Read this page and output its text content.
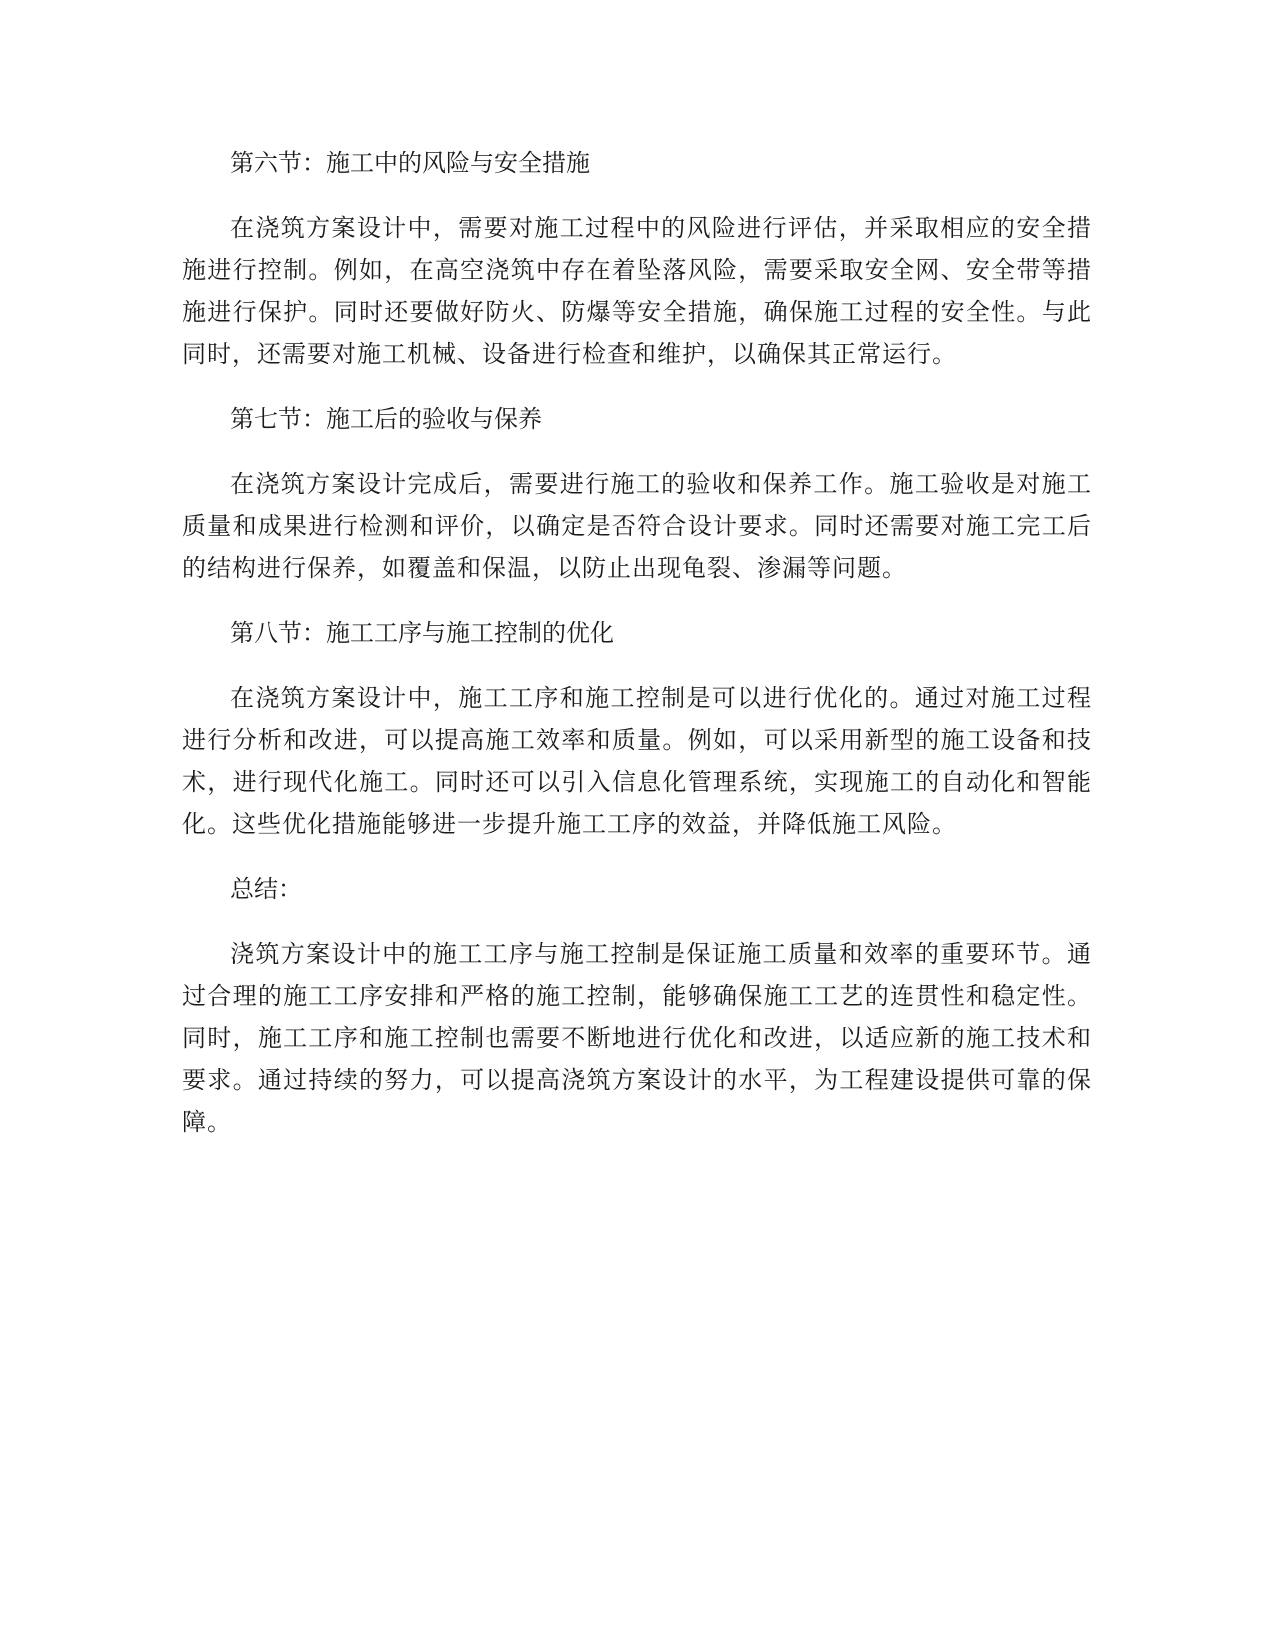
第六节：施工中的风险与安全措施

在浇筑方案设计中，需要对施工过程中的风险进行评估，并采取相应的安全措施进行控制。例如，在高空浇筑中存在着坠落风险，需要采取安全网、安全带等措施进行保护。同时还要做好防火、防爆等安全措施，确保施工过程的安全性。与此同时，还需要对施工机械、设备进行检查和维护，以确保其正常运行。

第七节：施工后的验收与保养

在浇筑方案设计完成后，需要进行施工的验收和保养工作。施工验收是对施工质量和成果进行检测和评价，以确定是否符合设计要求。同时还需要对施工完工后的结构进行保养，如覆盖和保温，以防止出现龟裂、渗漏等问题。

第八节：施工工序与施工控制的优化

在浇筑方案设计中，施工工序和施工控制是可以进行优化的。通过对施工过程进行分析和改进，可以提高施工效率和质量。例如，可以采用新型的施工设备和技术，进行现代化施工。同时还可以引入信息化管理系统，实现施工的自动化和智能化。这些优化措施能够进一步提升施工工序的效益，并降低施工风险。

总结：

浇筑方案设计中的施工工序与施工控制是保证施工质量和效率的重要环节。通过合理的施工工序安排和严格的施工控制，能够确保施工工艺的连贯性和稳定性。同时，施工工序和施工控制也需要不断地进行优化和改进，以适应新的施工技术和要求。通过持续的努力，可以提高浇筑方案设计的水平，为工程建设提供可靠的保障。
